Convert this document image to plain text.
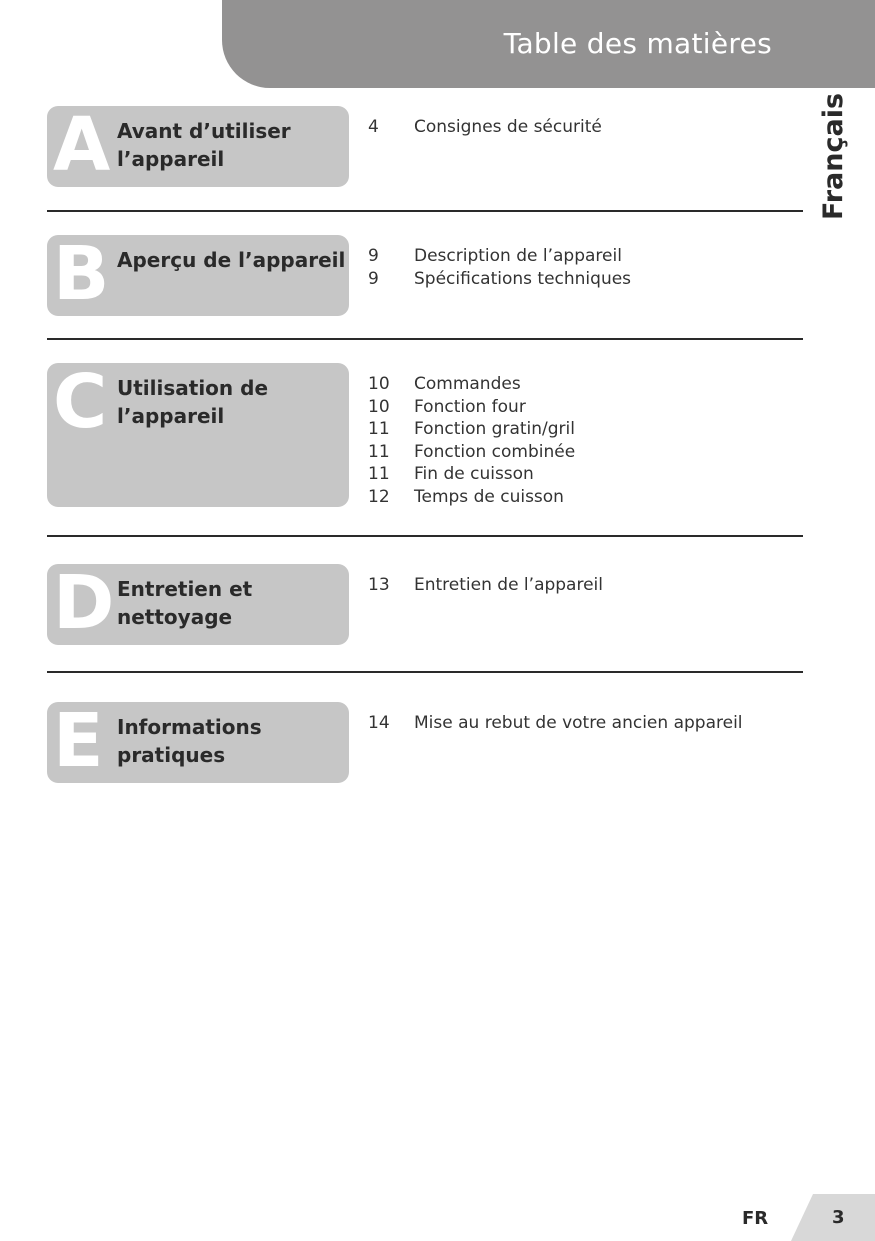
Table des matières
Français
A Avant d’utiliser l’appareil
4	Consignes de sécurité
B Aperçu de l’appareil 9	Description de l’appareil
9	Spécifications techniques
C Utilisation de l’appareil
10	Commandes
10	Fonction four
11	Fonction gratin/gril
11	Fonction combinée
11	Fin de cuisson
12	Temps de cuisson
D Entretien et nettoyage
13	Entretien de l’appareil
E Informations pratiques
14	Mise au rebut de votre ancien appareil
FR	3
